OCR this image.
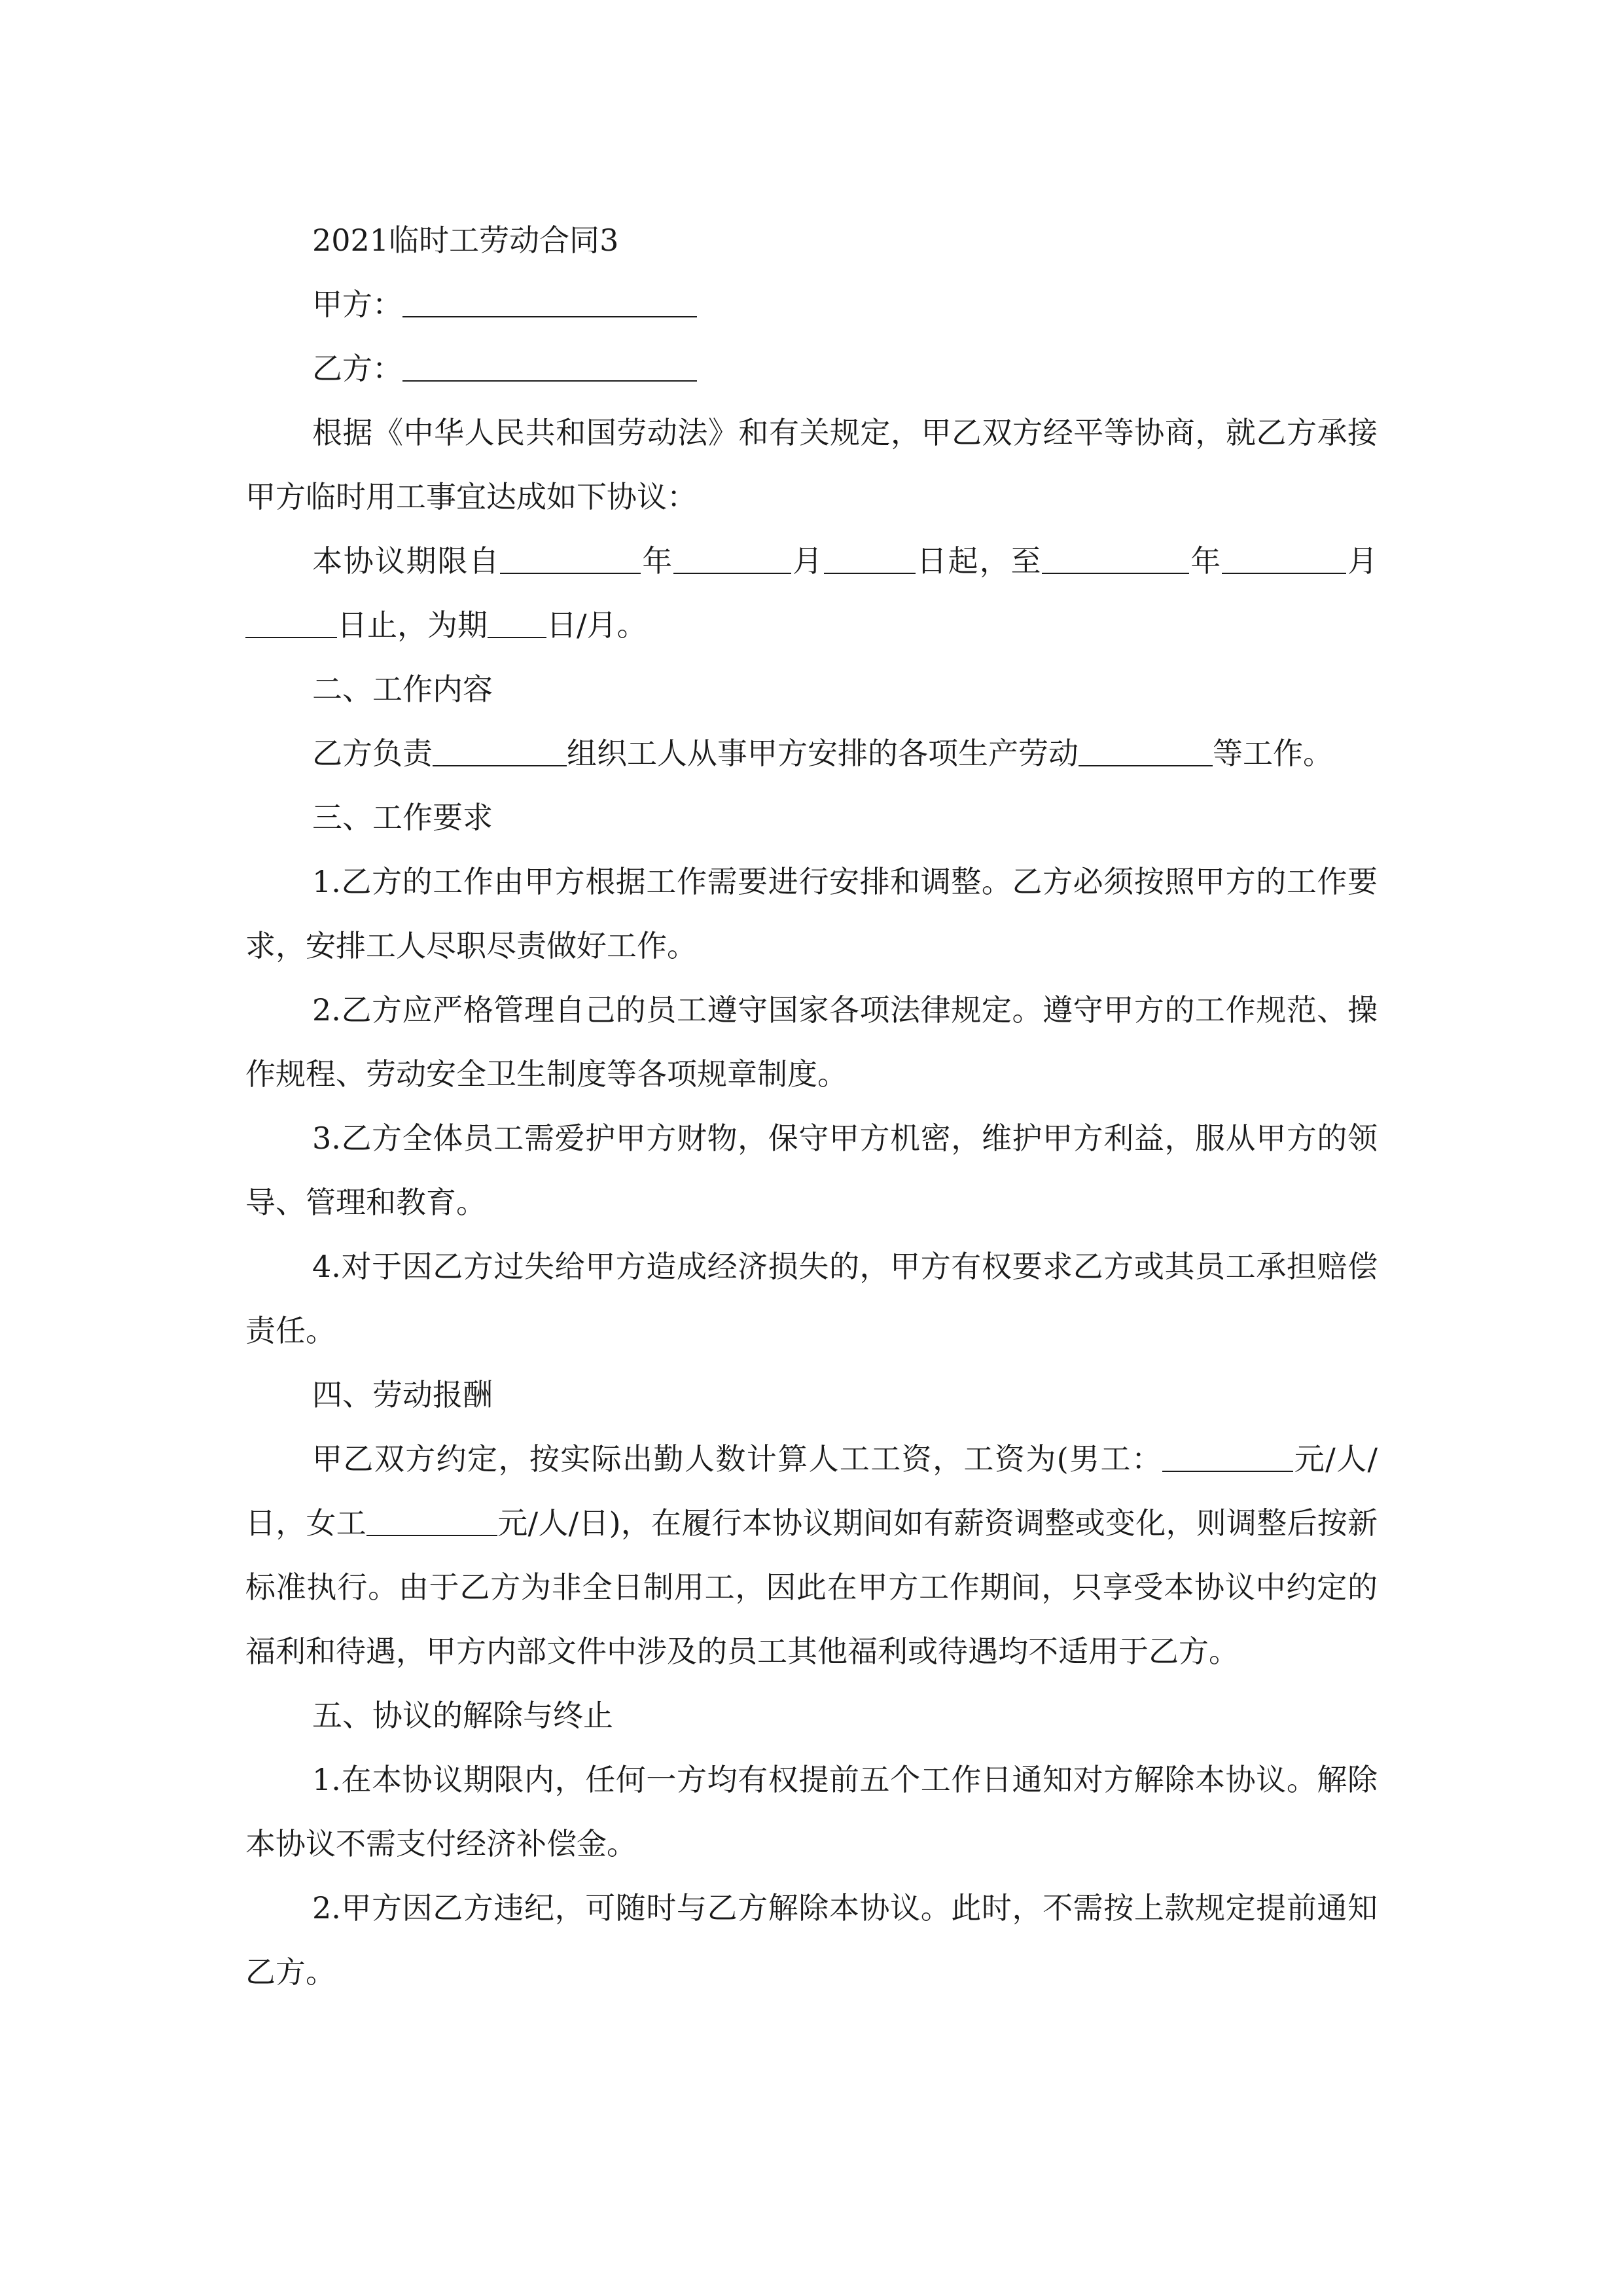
2021临时工劳动合同3

甲方：

乙方：

根据《中华人民共和国劳动法》和有关规定，甲乙双方经平等协商，就乙方承接甲方临时用工事宜达成如下协议：

本协议期限自	年	月	日起，至	年	月日止，为期 日/月。

二、工作内容

乙方负责	组织工人从事甲方安排的各项生产劳动	等工作。

三、工作要求

1.乙方的工作由甲方根据工作需要进行安排和调整。乙方必须按照甲方的工作要求，安排工人尽职尽责做好工作。

2.乙方应严格管理自己的员工遵守国家各项法律规定。遵守甲方的工作规范、操作规程、劳动安全卫生制度等各项规章制度。

3.乙方全体员工需爱护甲方财物，保守甲方机密，维护甲方利益，服从甲方的领导、管理和教育。

4.对于因乙方过失给甲方造成经济损失的，甲方有权要求乙方或其员工承担赔偿责任。

四、劳动报酬

甲乙双方约定，按实际出勤人数计算人工工资，工资为(男工：	元/人/日，女工	元/人/日)，在履行本协议期间如有薪资调整或变化，则调整后按新标准执行。由于乙方为非全日制用工，因此在甲方工作期间，只享受本协议中约定的福利和待遇，甲方内部文件中涉及的员工其他福利或待遇均不适用于乙方。

五、协议的解除与终止

1.在本协议期限内，任何一方均有权提前五个工作日通知对方解除本协议。解除本协议不需支付经济补偿金。

2.甲方因乙方违纪，可随时与乙方解除本协议。此时，不需按上款规定提前通知乙方。
